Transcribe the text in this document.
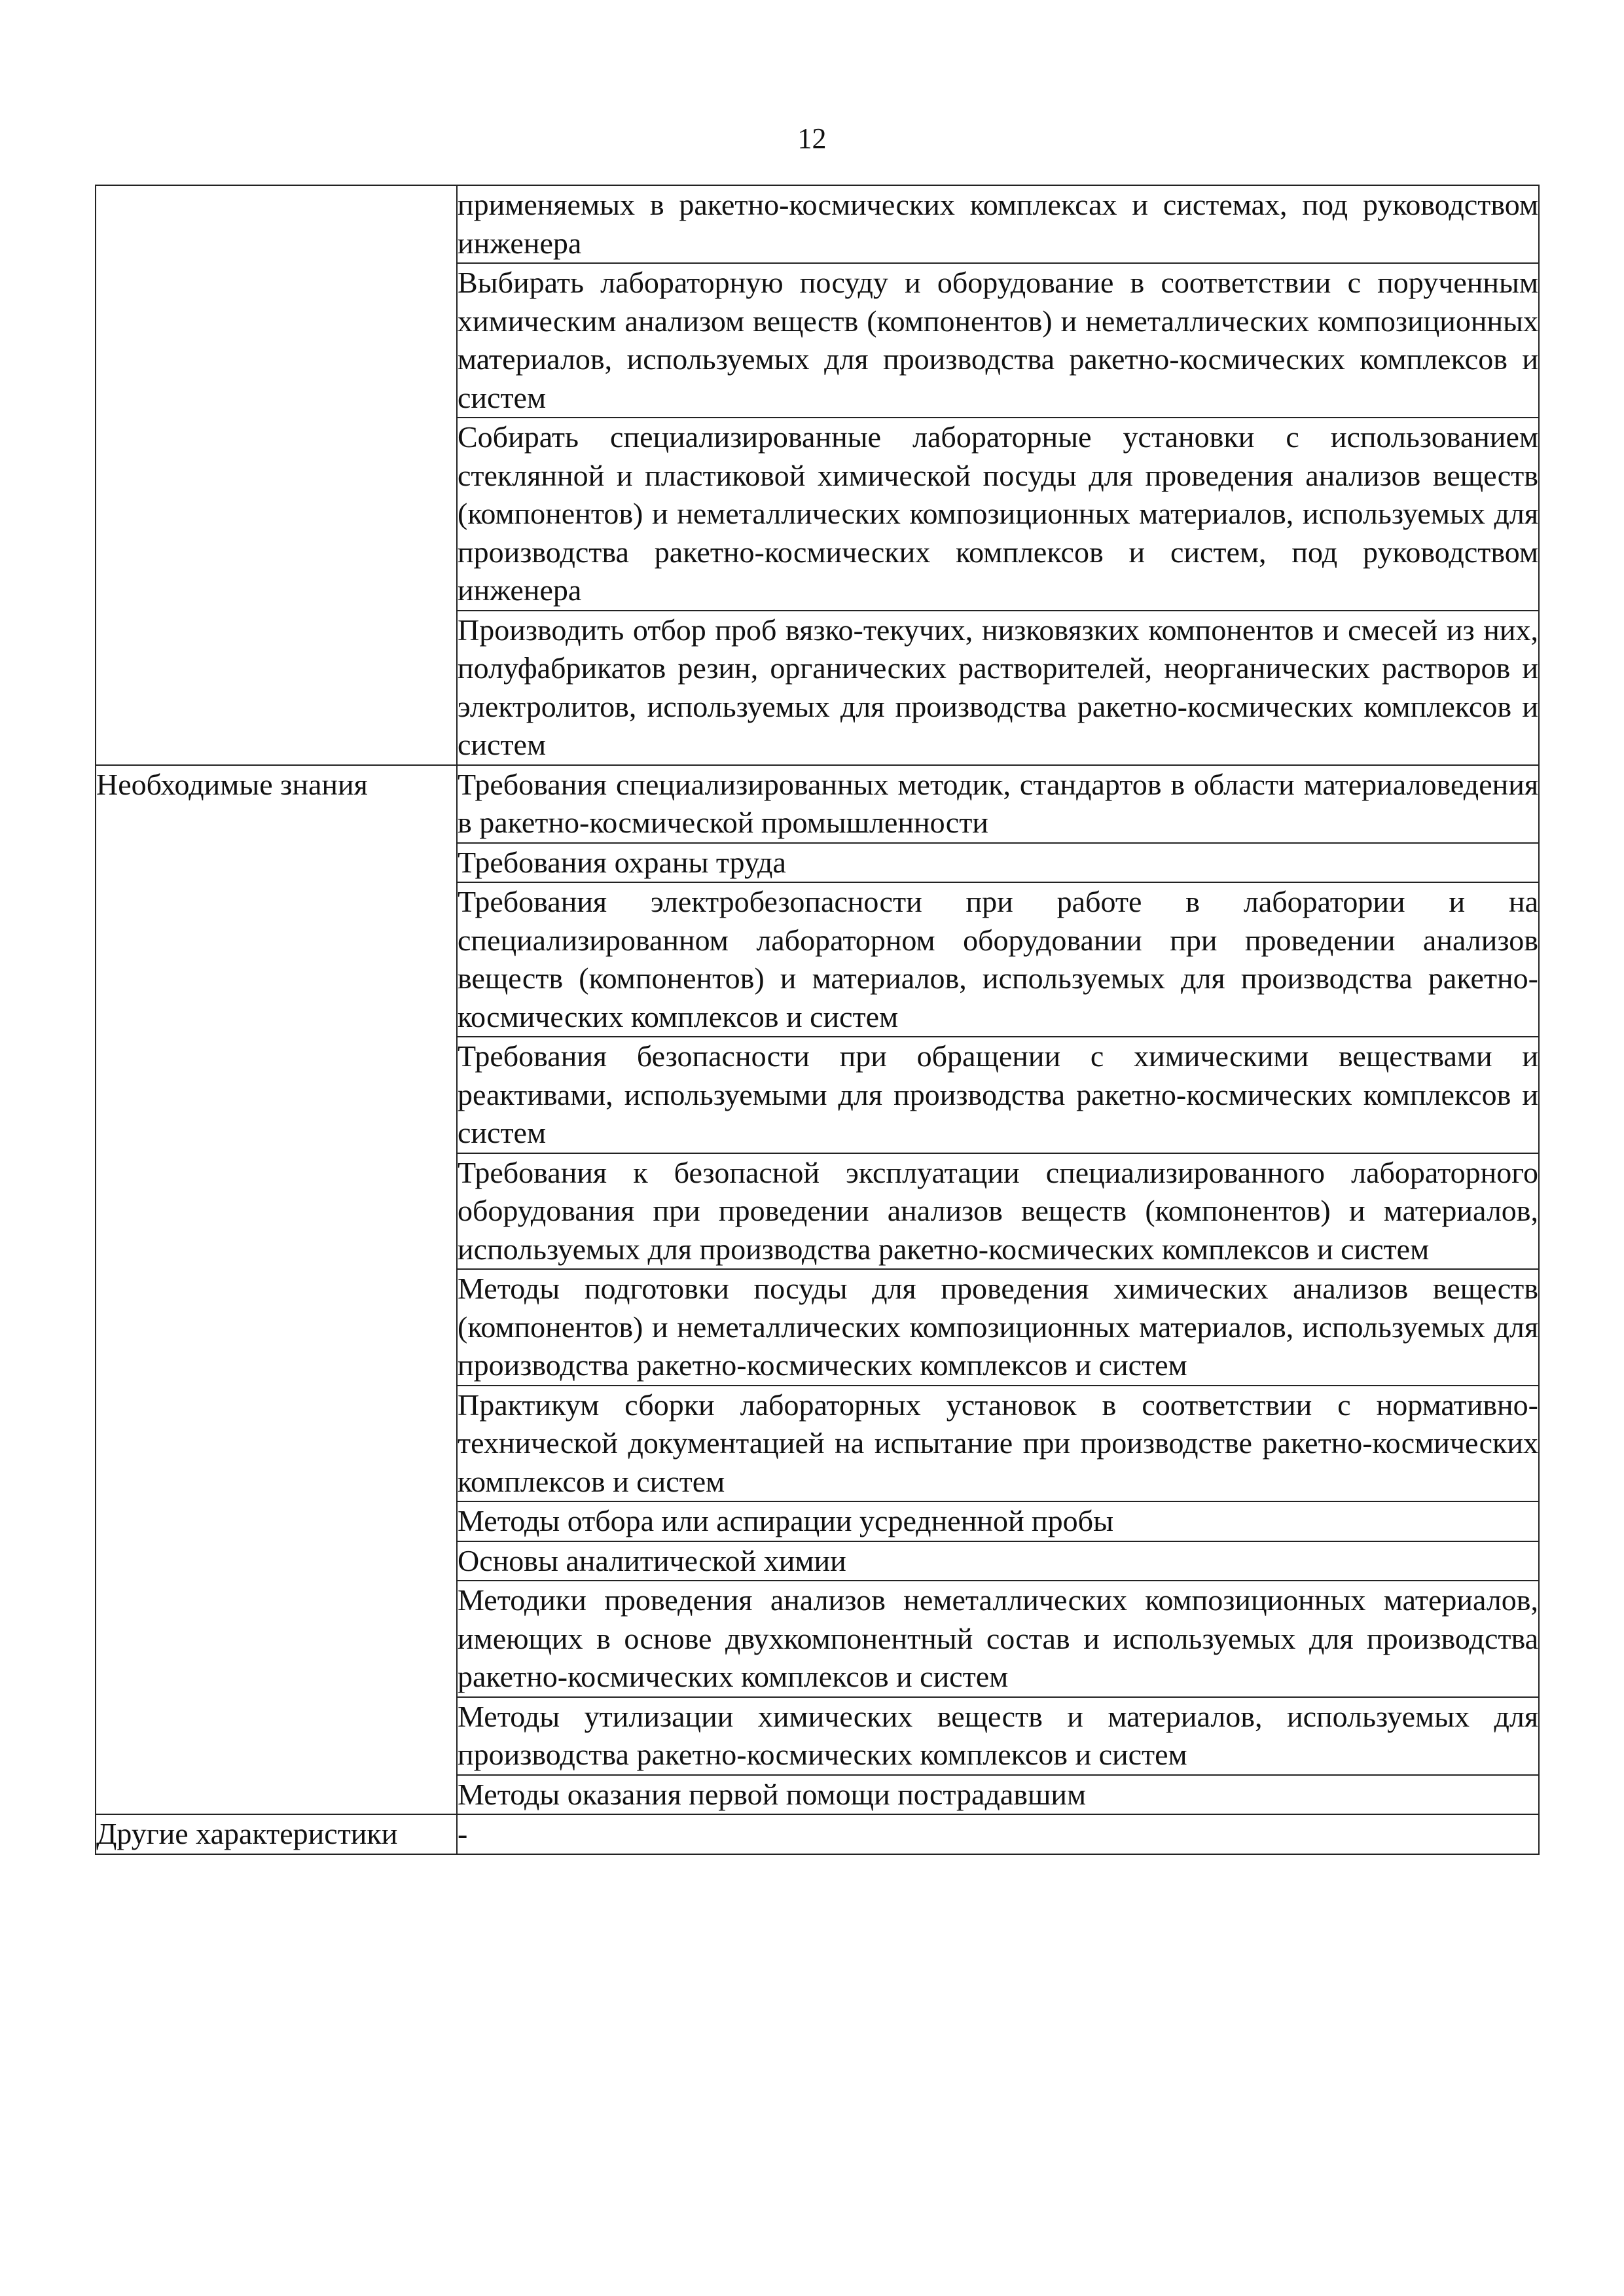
12
	применяемых в ракетно-космических комплексах и системах, под руководством инженера
	Выбирать лабораторную посуду и оборудование в соответствии с порученным химическим анализом веществ (компонентов) и неметаллических композиционных материалов, используемых для производства ракетно-космических комплексов и систем
	Собирать специализированные лабораторные установки с использованием стеклянной и пластиковой химической посуды для проведения анализов веществ (компонентов) и неметаллических композиционных материалов, используемых для производства ракетно-космических комплексов и систем, под руководством инженера
	Производить отбор проб вязко-текучих, низковязких компонентов и смесей из них, полуфабрикатов резин, органических растворителей, неорганических растворов и электролитов, используемых для производства ракетно-космических комплексов и систем
Необходимые знания	Требования специализированных методик, стандартов в области материаловедения в ракетно-космической промышленности
	Требования охраны труда
	Требования электробезопасности при работе в лаборатории и на специализированном лабораторном оборудовании при проведении анализов веществ (компонентов) и материалов, используемых для производства ракетно-космических комплексов и систем
	Требования безопасности при обращении с химическими веществами и реактивами, используемыми для производства ракетно-космических комплексов и систем
	Требования к безопасной эксплуатации специализированного лабораторного оборудования при проведении анализов веществ (компонентов) и материалов, используемых для производства ракетно-космических комплексов и систем
	Методы подготовки посуды для проведения химических анализов веществ (компонентов) и неметаллических композиционных материалов, используемых для производства ракетно-космических комплексов и систем
	Практикум сборки лабораторных установок в соответствии с нормативно-технической документацией на испытание при производстве ракетно-космических комплексов и систем
	Методы отбора или аспирации усредненной пробы
	Основы аналитической химии
	Методики проведения анализов неметаллических композиционных материалов, имеющих в основе двухкомпонентный состав и используемых для производства ракетно-космических комплексов и систем
	Методы утилизации химических веществ и материалов, используемых для производства ракетно-космических комплексов и систем
	Методы оказания первой помощи пострадавшим
Другие характеристики	-
